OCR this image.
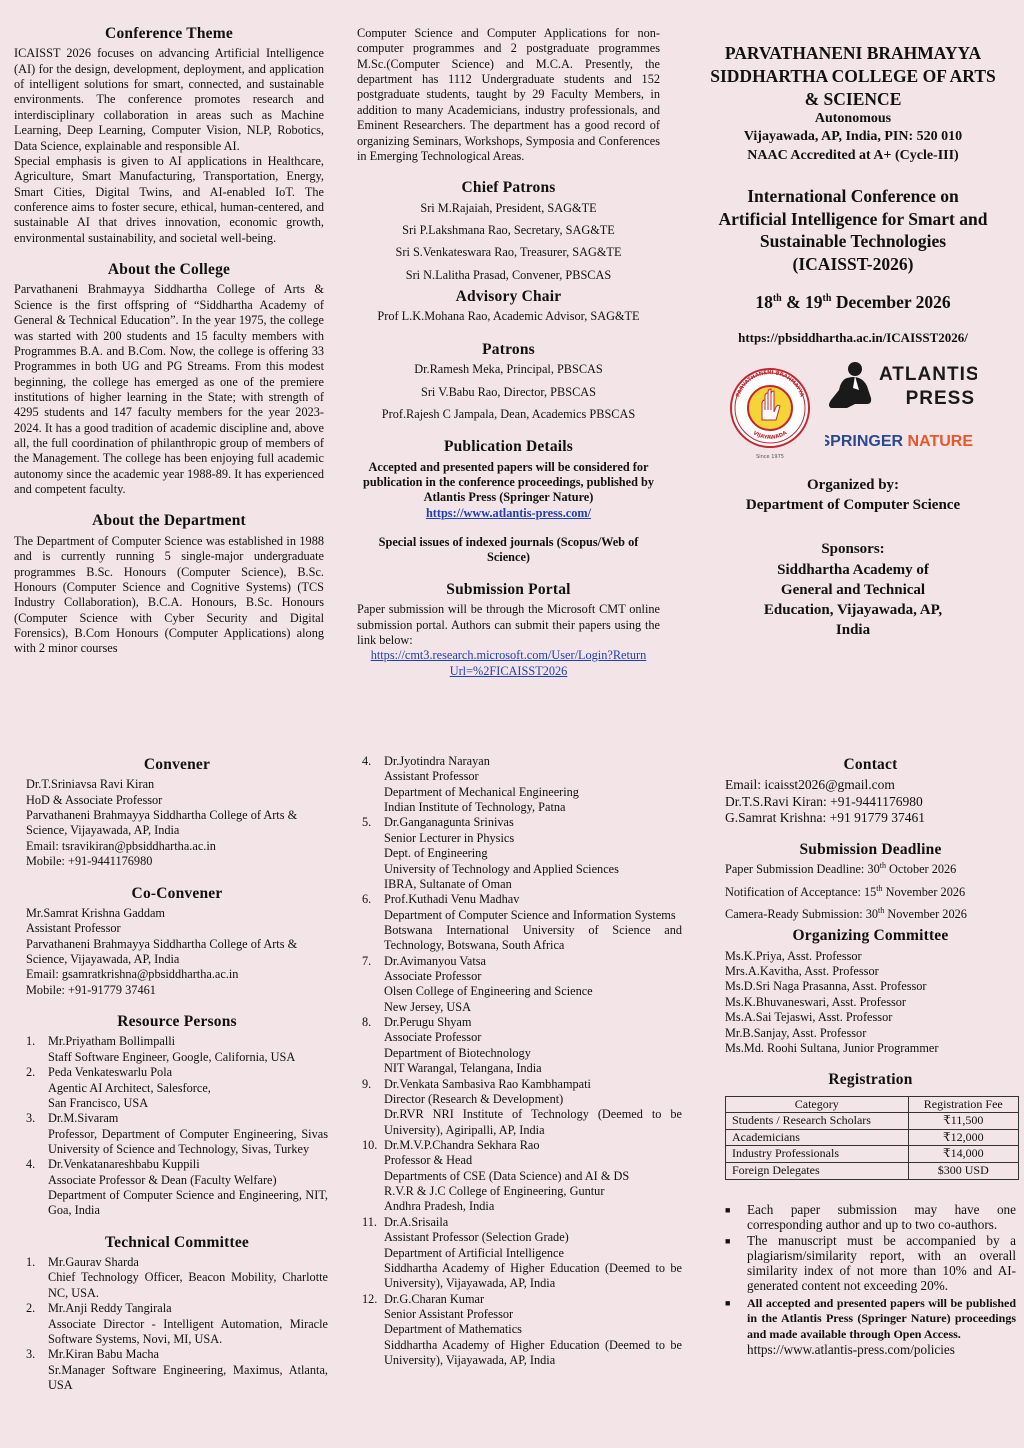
Conference Theme

ICAISST 2026 focuses on advancing Artificial Intelligence (AI) for the design, development, deployment, and application of intelligent solutions for smart, connected, and sustainable environments. The conference promotes research and interdisciplinary collaboration in areas such as Machine Learning, Deep Learning, Computer Vision, NLP, Robotics, Data Science, explainable and responsible AI.

Special emphasis is given to AI applications in Healthcare, Agriculture, Smart Manufacturing, Transportation, Energy, Smart Cities, Digital Twins, and AI-enabled IoT. The conference aims to foster secure, ethical, human-centered, and sustainable AI that drives innovation, economic growth, environmental sustainability, and societal well-being.

About the College

Parvathaneni Brahmayya Siddhartha College of Arts & Science is the first offspring of “Siddhartha Academy of General & Technical Education”. In the year 1975, the college was started with 200 students and 15 faculty members with Programmes B.A. and B.Com. Now, the college is offering 33 Programmes in both UG and PG Streams. From this modest beginning, the college has emerged as one of the premiere institutions of higher learning in the State; with strength of 4295 students and 147 faculty members for the year 2023-2024. It has a good tradition of academic discipline and, above all, the full coordination of philanthropic group of members of the Management. The college has been enjoying full academic autonomy since the academic year 1988-89. It has experienced and competent faculty.

About the Department

The Department of Computer Science was established in 1988 and is currently running 5 single-major undergraduate programmes B.Sc. Honours (Computer Science), B.Sc. Honours (Computer Science and Cognitive Systems) (TCS Industry Collaboration), B.C.A. Honours, B.Sc. Honours (Computer Science with Cyber Security and Digital Forensics), B.Com Honours (Computer Applications) along with 2 minor courses

Computer Science and Computer Applications for non-computer programmes and 2 postgraduate programmes M.Sc.(Computer Science) and M.C.A. Presently, the department has 1112 Undergraduate students and 152 postgraduate students, taught by 29 Faculty Members, in addition to many Academicians, industry professionals, and Eminent Researchers. The department has a good record of organizing Seminars, Workshops, Symposia and Conferences in Emerging Technological Areas.

Chief Patrons
Sri M.Rajaiah, President, SAG&TE
Sri P.Lakshmana Rao, Secretary, SAG&TE
Sri S.Venkateswara Rao, Treasurer, SAG&TE
Sri N.Lalitha Prasad, Convener, PBSCAS
Advisory Chair
Prof L.K.Mohana Rao, Academic Advisor, SAG&TE
Patrons
Dr.Ramesh Meka, Principal, PBSCAS
Sri V.Babu Rao, Director, PBSCAS
Prof.Rajesh C Jampala, Dean, Academics PBSCAS
Publication Details

Accepted and presented papers will be considered for publication in the conference proceedings, published by Atlantis Press (Springer Nature)

https://www.atlantis-press.com/

Special issues of indexed journals (Scopus/Web of Science)

Submission Portal

Paper submission will be through the Microsoft CMT online submission portal. Authors can submit their papers using the link below:

https://cmt3.research.microsoft.com/User/Login?Return
Url=%2FICAISST2026

PARVATHANENI BRAHMAYYA
SIDDHARTHA COLLEGE OF ARTS
& SCIENCE
Autonomous
Vijayawada, AP, India, PIN: 520 010
NAAC Accredited at A+ (Cycle-III)
International Conference on
Artificial Intelligence for Smart and
Sustainable Technologies
(ICAISST-2026)
18th & 19th December 2026
https://pbsiddhartha.ac.in/ICAISST2026/
PARVATHANENI BRAHMAYYA
VIJAYAWADA
Since 1975
ATLANTIS
PRESS
SPRINGER NATURE
Organized by:
Department of Computer Science
Sponsors:
Siddhartha Academy of
General and Technical
Education, Vijayawada, AP,
India
Convener
Dr.T.Sriniavsa Ravi Kiran
HoD & Associate Professor
Parvathaneni Brahmayya Siddhartha College of Arts &
Science, Vijayawada, AP, India
Email: tsravikiran@pbsiddhartha.ac.in
Mobile: +91-9441176980
Co-Convener
Mr.Samrat Krishna Gaddam
Assistant Professor
Parvathaneni Brahmayya Siddhartha College of Arts &
Science, Vijayawada, AP, India
Email: gsamratkrishna@pbsiddhartha.ac.in
Mobile: +91-91779 37461
Resource Persons
1.	Mr.Priyatham Bollimpalli
Staff Software Engineer, Google, California, USA
2.	Peda Venkateswarlu Pola
Agentic AI Architect, Salesforce,
San Francisco, USA
3.	Dr.M.Sivaram
Professor, Department of Computer Engineering, Sivas University of Science and Technology, Sivas, Turkey
4.	Dr.Venkatanareshbabu Kuppili
Associate Professor & Dean (Faculty Welfare)
Department of Computer Science and Engineering, NIT, Goa, India
Technical Committee
1.	Mr.Gaurav Sharda
Chief Technology Officer, Beacon Mobility, Charlotte NC, USA.
2.	Mr.Anji Reddy Tangirala
Associate Director - Intelligent Automation, Miracle Software Systems, Novi, MI, USA.
3.	Mr.Kiran Babu Macha
Sr.Manager Software Engineering, Maximus, Atlanta, USA
4.	Dr.Jyotindra Narayan
Assistant Professor
Department of Mechanical Engineering
Indian Institute of Technology, Patna
5.	Dr.Ganganagunta Srinivas
Senior Lecturer in Physics
Dept. of Engineering
University of Technology and Applied Sciences
IBRA, Sultanate of Oman
6.	Prof.Kuthadi Venu Madhav
Department of Computer Science and Information Systems
Botswana International University of Science and Technology, Botswana, South Africa
7.	Dr.Avimanyou Vatsa
Associate Professor
Olsen College of Engineering and Science
New Jersey, USA
8.	Dr.Perugu Shyam
Associate Professor
Department of Biotechnology
NIT Warangal, Telangana, India
9.	Dr.Venkata Sambasiva Rao Kambhampati
Director (Research & Development)
Dr.RVR NRI Institute of Technology (Deemed to be University), Agiripalli, AP, India
10. Dr.M.V.P.Chandra Sekhara Rao
Professor & Head
Departments of CSE (Data Science) and AI & DS
R.V.R & J.C College of Engineering, Guntur
Andhra Pradesh, India
11. Dr.A.Srisaila
Assistant Professor (Selection Grade)
Department of Artificial Intelligence
Siddhartha Academy of Higher Education (Deemed to be University), Vijayawada, AP, India
12. Dr.G.Charan Kumar
Senior Assistant Professor
Department of Mathematics
Siddhartha Academy of Higher Education (Deemed to be University), Vijayawada, AP, India
Contact
Email: icaisst2026@gmail.com
Dr.T.S.Ravi Kiran: +91-9441176980
G.Samrat Krishna: +91 91779 37461
Submission Deadline
Paper Submission Deadline: 30th October 2026
Notification of Acceptance: 15th November 2026
Camera-Ready Submission: 30th November 2026
Organizing Committee
Ms.K.Priya, Asst. Professor
Mrs.A.Kavitha, Asst. Professor
Ms.D.Sri Naga Prasanna, Asst. Professor
Ms.K.Bhuvaneswari, Asst. Professor
Ms.A.Sai Tejaswi, Asst. Professor
Mr.B.Sanjay, Asst. Professor
Ms.Md. Roohi Sultana, Junior Programmer
Registration
Category	Registration Fee
Students / Research Scholars	₹11,500
Academicians	₹12,000
Industry Professionals	₹14,000
Foreign Delegates	$300 USD
■	Each paper submission may have one corresponding author and up to two co-authors.
■	The manuscript must be accompanied by a plagiarism/similarity report, with an overall similarity index of not more than 10% and AI-generated content not exceeding 20%.
■	All accepted and presented papers will be published in the Atlantis Press (Springer Nature) proceedings and made available through Open Access.
https://www.atlantis-press.com/policies
